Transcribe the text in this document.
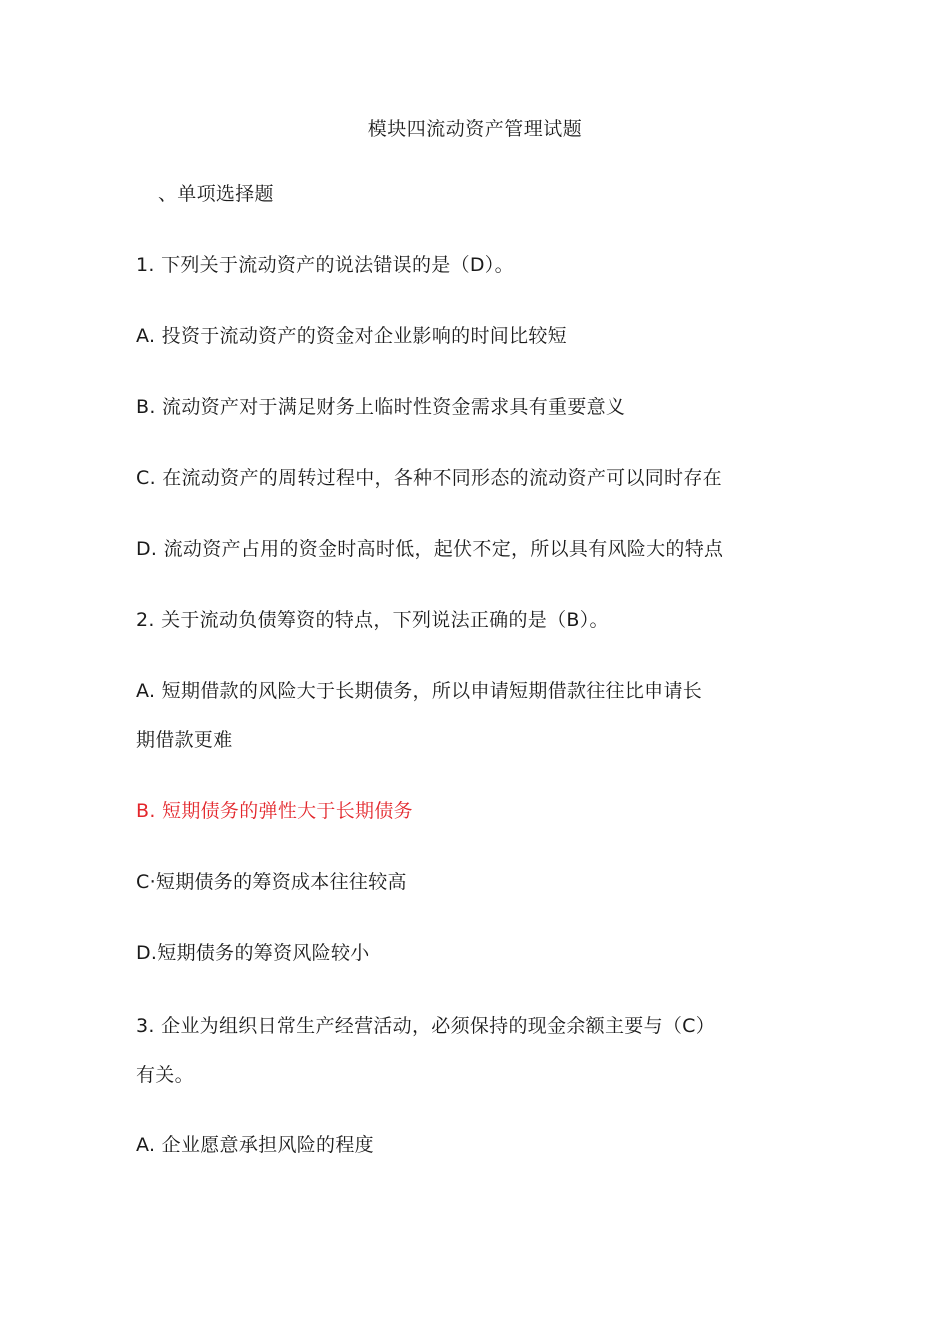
模块四流动资产管理试题
、单项选择题
1. 下列关于流动资产的说法错误的是（D）。
A. 投资于流动资产的资金对企业影响的时间比较短
B. 流动资产对于满足财务上临时性资金需求具有重要意义
C. 在流动资产的周转过程中，各种不同形态的流动资产可以同时存在
D. 流动资产占用的资金时高时低，起伏不定，所以具有风险大的特点
2. 关于流动负债筹资的特点，下列说法正确的是（B）。
A. 短期借款的风险大于长期债务，所以申请短期借款往往比申请长
期借款更难
B. 短期债务的弹性大于长期债务
C·短期债务的筹资成本往往较高
D.短期债务的筹资风险较小
3. 企业为组织日常生产经营活动，必须保持的现金余额主要与（C）
有关。
A. 企业愿意承担风险的程度
